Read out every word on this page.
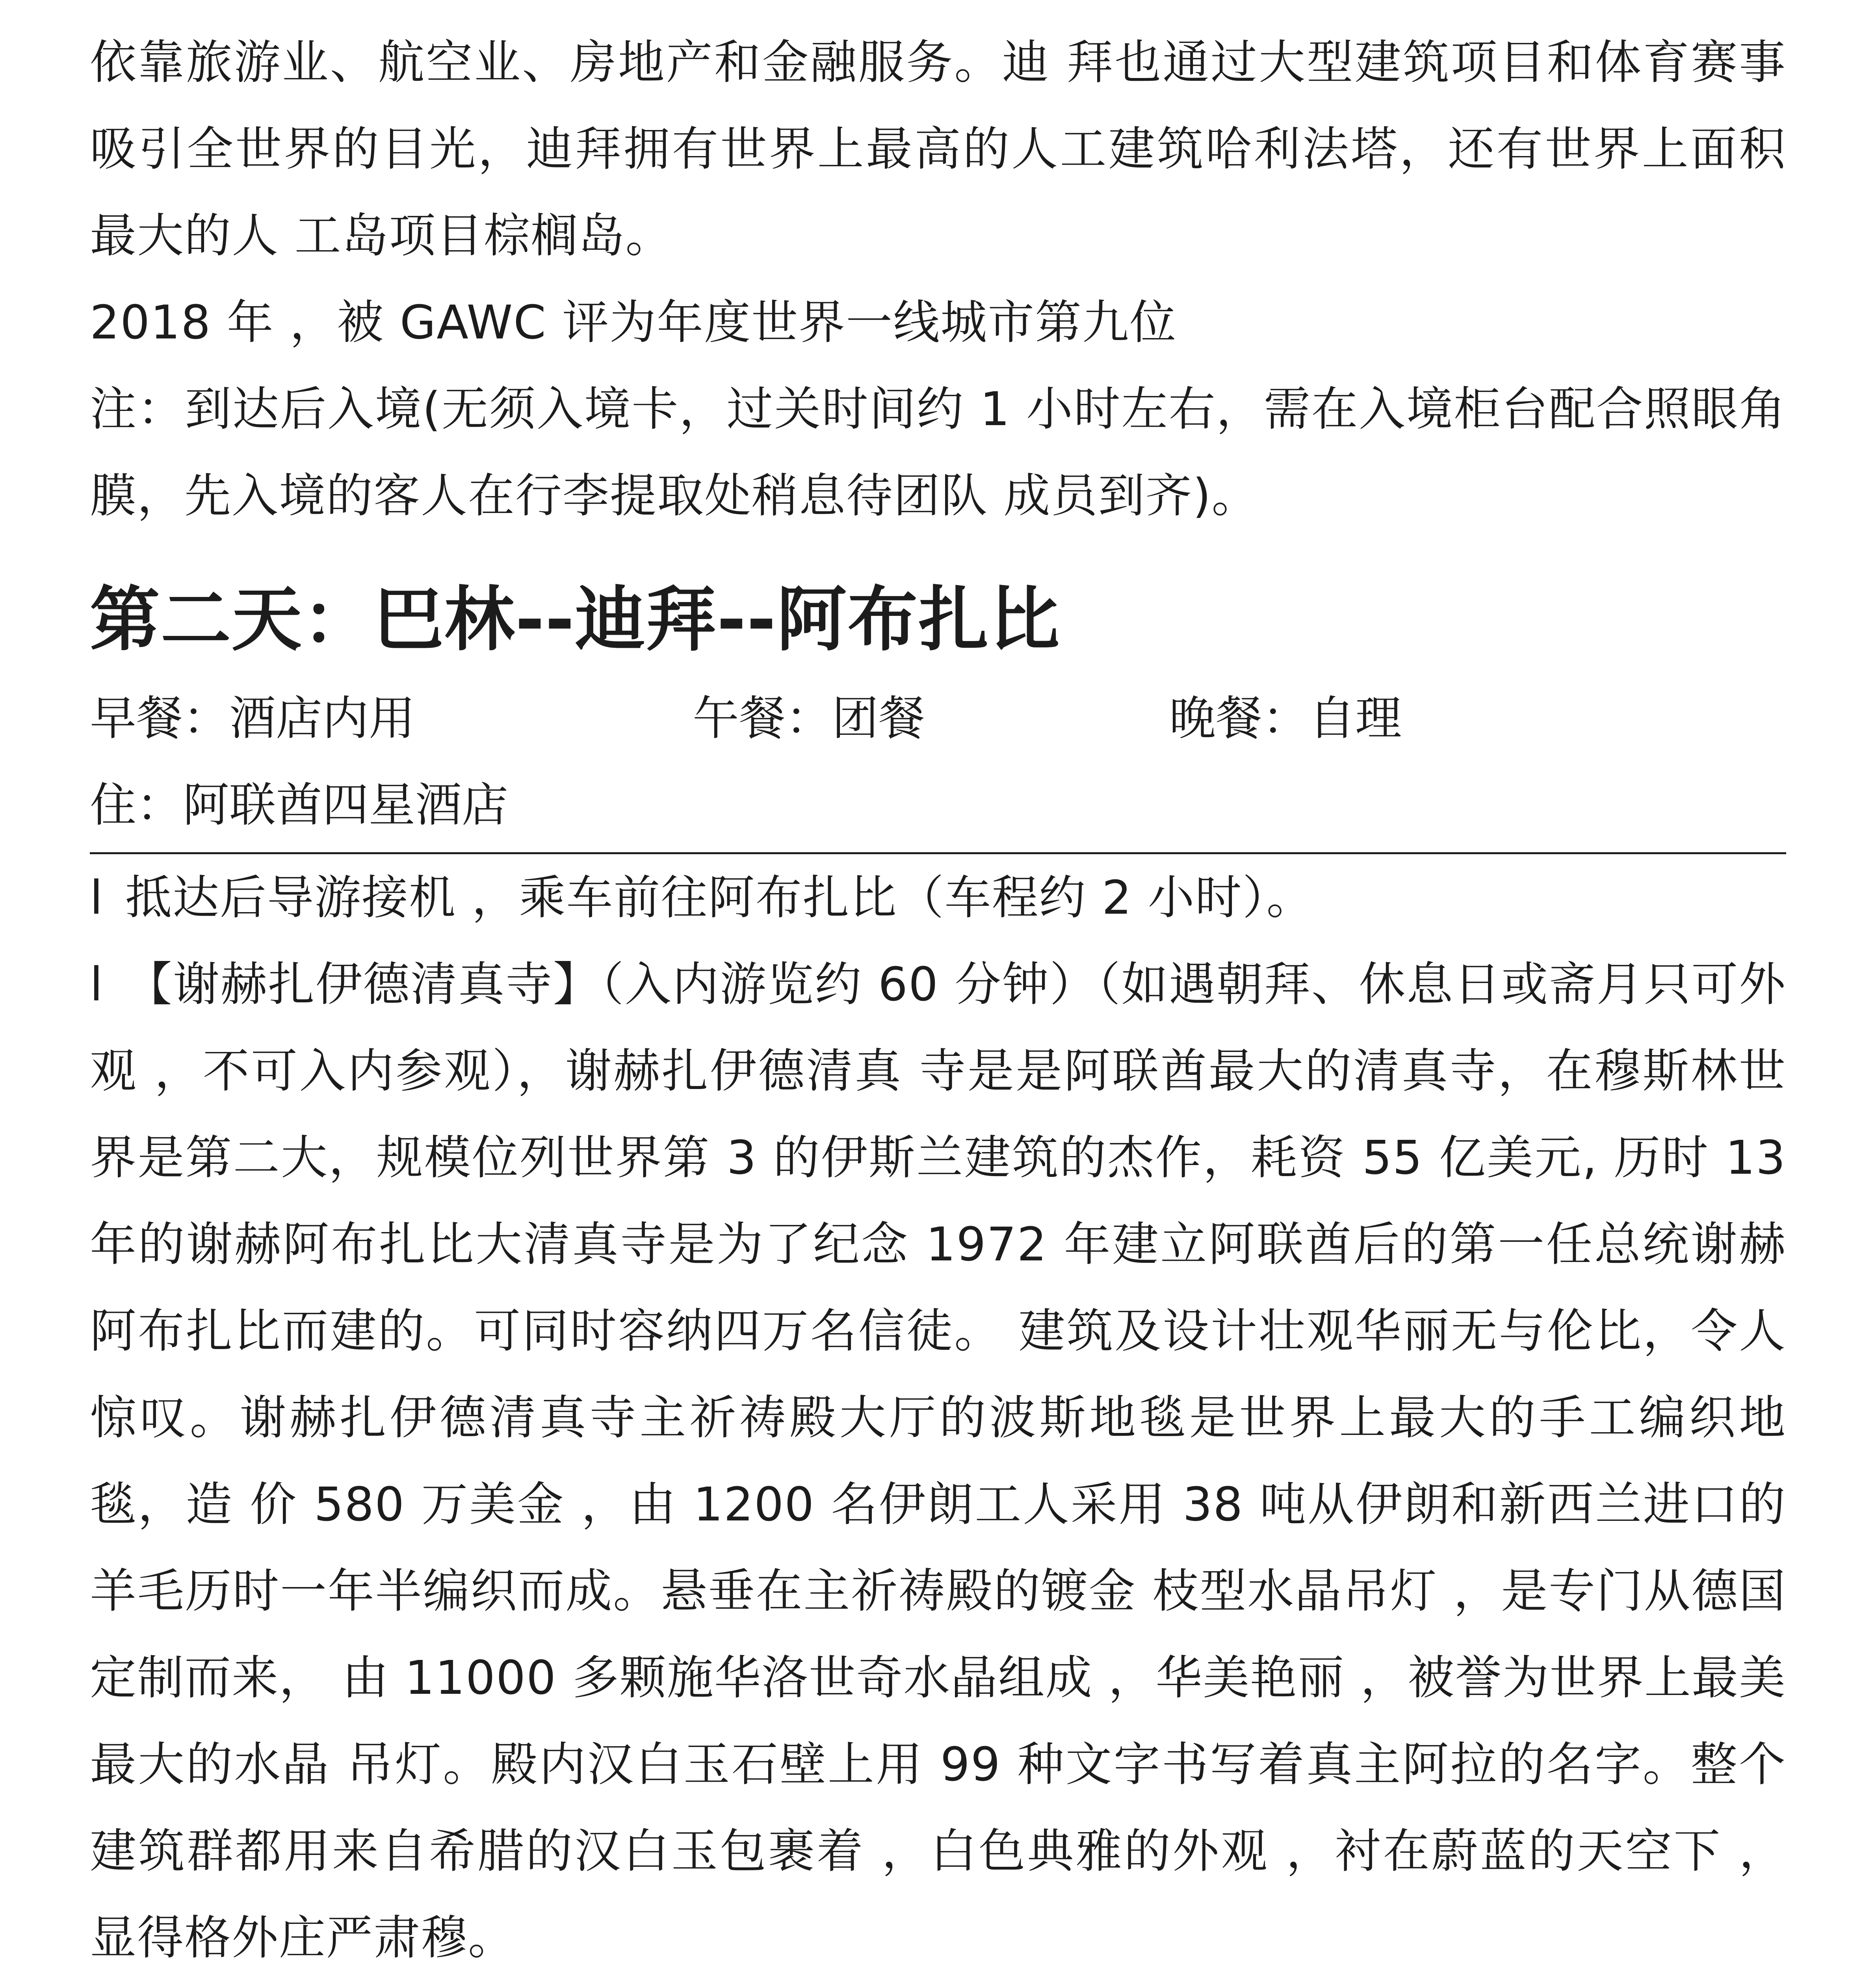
依靠旅游业、航空业、房地产和金融服务。迪 拜也通过大型建筑项目和体育赛事吸引全世界的目光，迪拜拥有世界上最高的人工建筑哈利法塔，还有世界上面积最大的人 工岛项目棕榈岛。

2018 年 ，被 GAWC 评为年度世界一线城市第九位

注：到达后入境(无须入境卡，过关时间约 1 小时左右，需在入境柜台配合照眼角膜，先入境的客人在行李提取处稍息待团队 成员到齐)。

第二天：巴林--迪拜--阿布扎比
早餐：酒店内用	午餐：团餐	晚餐：自理

住：阿联酋四星酒店

l 抵达后导游接机 ，乘车前往阿布扎比（车程约 2 小时）。

l 【谢赫扎伊德清真寺】（入内游览约 60 分钟）（如遇朝拜、休息日或斋月只可外观 ，不可入内参观），谢赫扎伊德清真 寺是是阿联酋最大的清真寺，在穆斯林世界是第二大，规模位列世界第 3 的伊斯兰建筑的杰作，耗资 55 亿美元, 历时 13 年的谢赫阿布扎比大清真寺是为了纪念 1972 年建立阿联酋后的第一任总统谢赫阿布扎比而建的。可同时容纳四万名信徒。 建筑及设计壮观华丽无与伦比，令人惊叹。谢赫扎伊德清真寺主祈祷殿大厅的波斯地毯是世界上最大的手工编织地毯，造 价 580 万美金 ，由 1200 名伊朗工人采用 38 吨从伊朗和新西兰进口的羊毛历时一年半编织而成。悬垂在主祈祷殿的镀金 枝型水晶吊灯 ，是专门从德国定制而来， 由 11000 多颗施华洛世奇水晶组成 ，华美艳丽 ，被誉为世界上最美最大的水晶 吊灯。殿内汉白玉石壁上用 99 种文字书写着真主阿拉的名字。整个建筑群都用来自希腊的汉白玉包裹着 ，白色典雅的外观 ，衬在蔚蓝的天空下 ，显得格外庄严肃穆。
